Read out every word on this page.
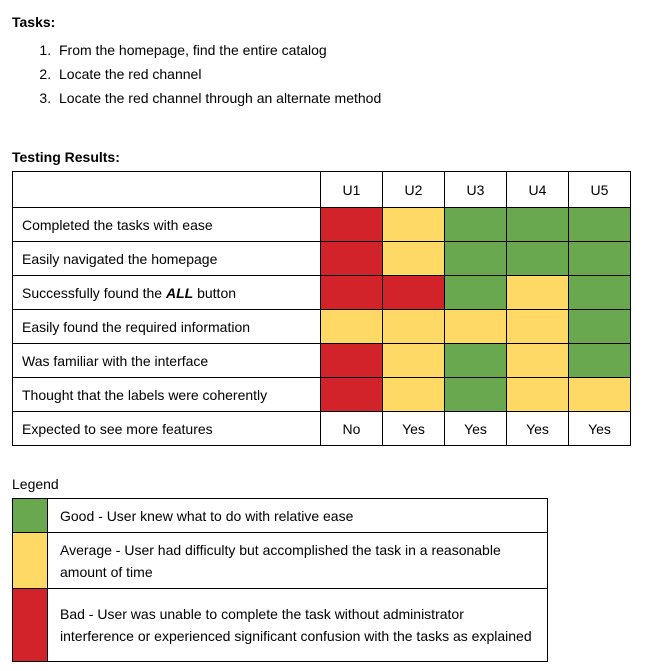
Tasks:
1. From the homepage, find the entire catalog
2. Locate the red channel
3. Locate the red channel through an alternate method
Testing Results:
	U1	U2	U3	U4	U5
Completed the tasks with ease					
Easily navigated the homepage					
Successfully found the ALL button					
Easily found the required information					
Was familiar with the interface					
Thought that the labels were coherently					
Expected to see more features	No	Yes	Yes	Yes	Yes
Legend
	Good - User knew what to do with relative ease
	Average - User had difficulty but accomplished the task in a reasonable amount of time
	Bad - User was unable to complete the task without administrator interference or experienced significant confusion with the tasks as explained
